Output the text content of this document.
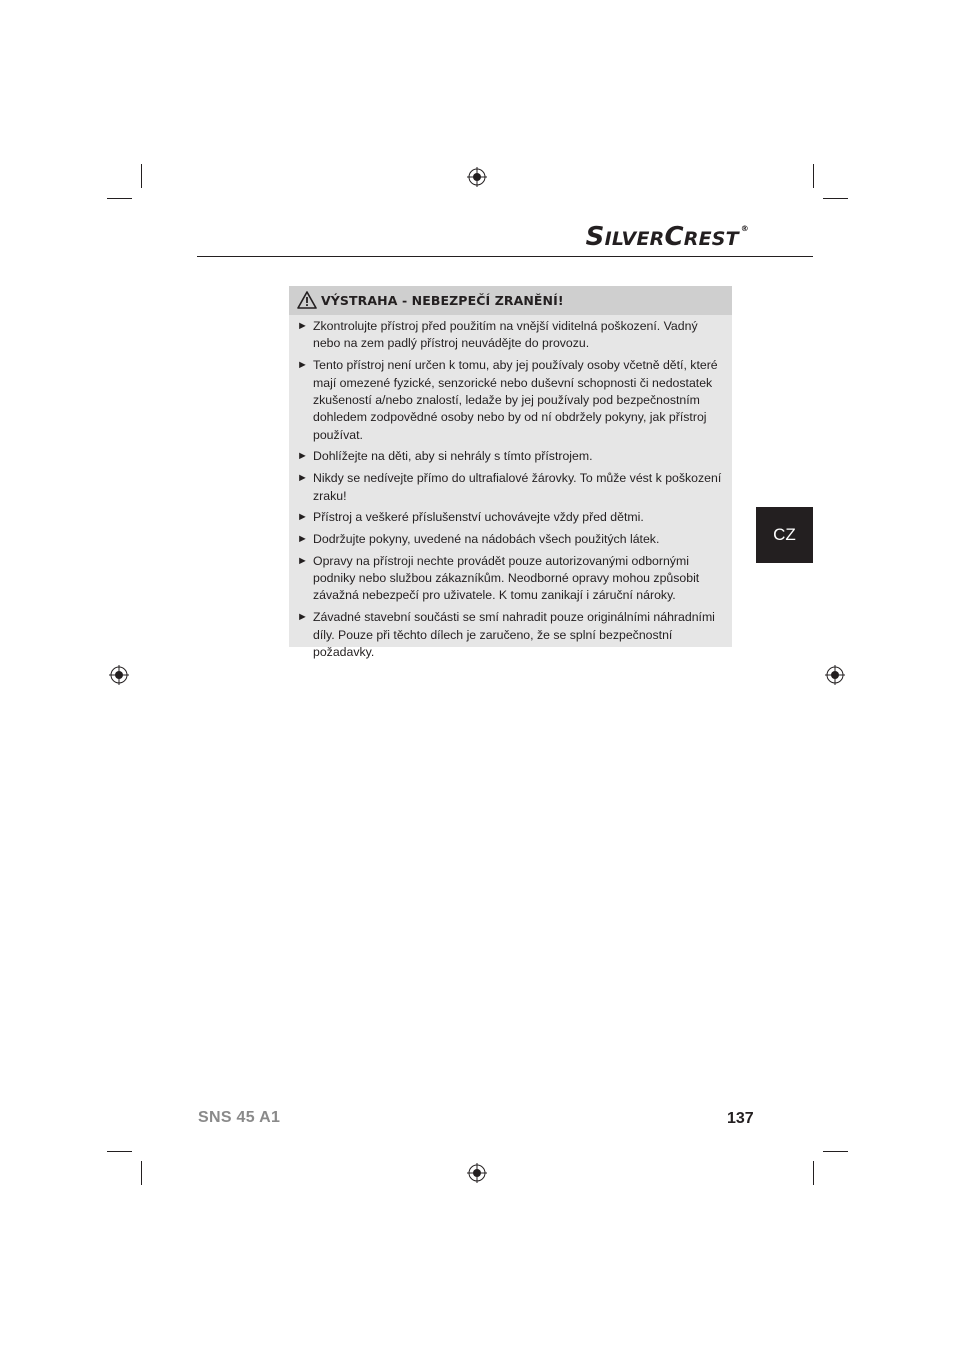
SILVERCREST ®
VÝSTRAHA - NEBEZPEČÍ ZRANĚNÍ!
► Zkontrolujte přístroj před použitím na vnější viditelná poškození. Vadný nebo na zem padlý přístroj neuvádějte do provozu.
► Tento přístroj není určen k tomu, aby jej používaly osoby včetně dětí, které mají omezené fyzické, senzorické nebo duševní schopnosti či nedostatek zkušeností a/nebo znalostí, ledaže by jej používaly pod bezpečnostním dohledem zodpovědné osoby nebo by od ní obdržely pokyny, jak přístroj používat.
► Dohlížejte na děti, aby si nehrály s tímto přístrojem.
► Nikdy se nedívejte přímo do ultrafialové žárovky. To může vést k poškození zraku!
► Přístroj a veškeré příslušenství uchovávejte vždy před dětmi.
► Dodržujte pokyny, uvedené na nádobách všech použitých látek.
► Opravy na přístroji nechte provádět pouze autorizovanými odbornými podniky nebo službou zákazníkům. Neodborné opravy mohou způsobit závažná nebezpečí pro uživatele. K tomu zanikají i záruční nároky.
► Závadné stavební součásti se smí nahradit pouze originálními náhradními díly. Pouze při těchto dílech je zaručeno, že se splní bezpečnostní požadavky.
CZ
SNS 45 A1	137
